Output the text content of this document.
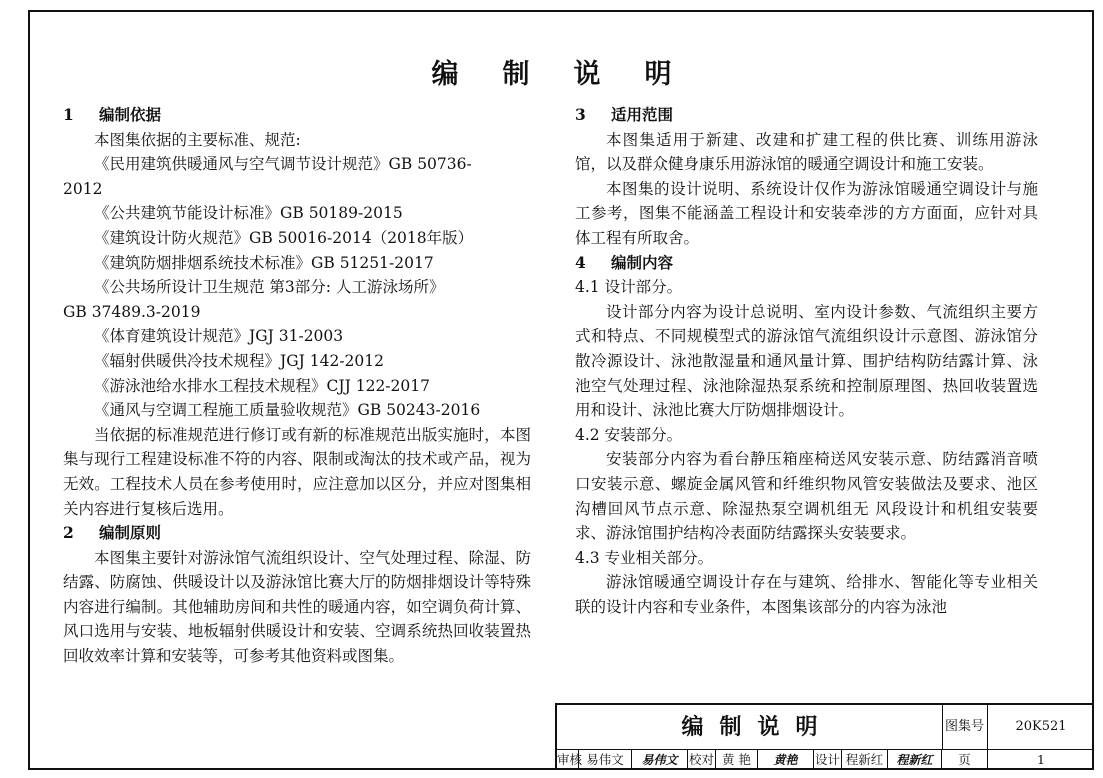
编 制 说 明
1 编制依据

本图集依据的主要标准、规范:

《民用建筑供暖通风与空气调节设计规范》GB 50736-

2012

《公共建筑节能设计标准》GB 50189-2015

《建筑设计防火规范》GB 50016-2014（2018年版）

《建筑防烟排烟系统技术标准》GB 51251-2017

《公共场所设计卫生规范 第3部分: 人工游泳场所》

GB 37489.3-2019

《体育建筑设计规范》JGJ 31-2003

《辐射供暖供冷技术规程》JGJ 142-2012

《游泳池给水排水工程技术规程》CJJ 122-2017

《通风与空调工程施工质量验收规范》GB 50243-2016

当依据的标准规范进行修订或有新的标准规范出版实施时，本图集与现行工程建设标准不符的内容、限制或淘汰的技术或产品，视为无效。工程技术人员在参考使用时，应注意加以区分，并应对图集相关内容进行复核后选用。

2 编制原则

本图集主要针对游泳馆气流组织设计、空气处理过程、除湿、防结露、防腐蚀、供暖设计以及游泳馆比赛大厅的防烟排烟设计等特殊内容进行编制。其他辅助房间和共性的暖通内容，如空调负荷计算、风口选用与安装、地板辐射供暖设计和安装、空调系统热回收装置热回收效率计算和安装等，可参考其他资料或图集。

3 适用范围

本图集适用于新建、改建和扩建工程的供比赛、训练用游泳馆，以及群众健身康乐用游泳馆的暖通空调设计和施工安装。

本图集的设计说明、系统设计仅作为游泳馆暖通空调设计与施工参考，图集不能涵盖工程设计和安装牵涉的方方面面，应针对具体工程有所取舍。

4 编制内容

4.1 设计部分。

设计部分内容为设计总说明、室内设计参数、气流组织主要方式和特点、不同规模型式的游泳馆气流组织设计示意图、游泳馆分散冷源设计、泳池散湿量和通风量计算、围护结构防结露计算、泳池空气处理过程、泳池除湿热泵系统和控制原理图、热回收装置选用和设计、泳池比赛大厅防烟排烟设计。

4.2 安装部分。

安装部分内容为看台静压箱座椅送风安装示意、防结露消音喷口安装示意、螺旋金属风管和纤维织物风管安装做法及要求、池区沟槽回风节点示意、除湿热泵空调机组无 风段设计和机组安装要求、游泳馆围护结构冷表面防结露探头安装要求。

4.3 专业相关部分。

游泳馆暖通空调设计存在与建筑、给排水、智能化等专业相关联的设计内容和专业条件，本图集该部分的内容为泳池

编 制 说 明	图集号	20K521
审核 易伟文	易伟文 校对 黄 艳	黄艳	设计 程新红	程新红	页	1
